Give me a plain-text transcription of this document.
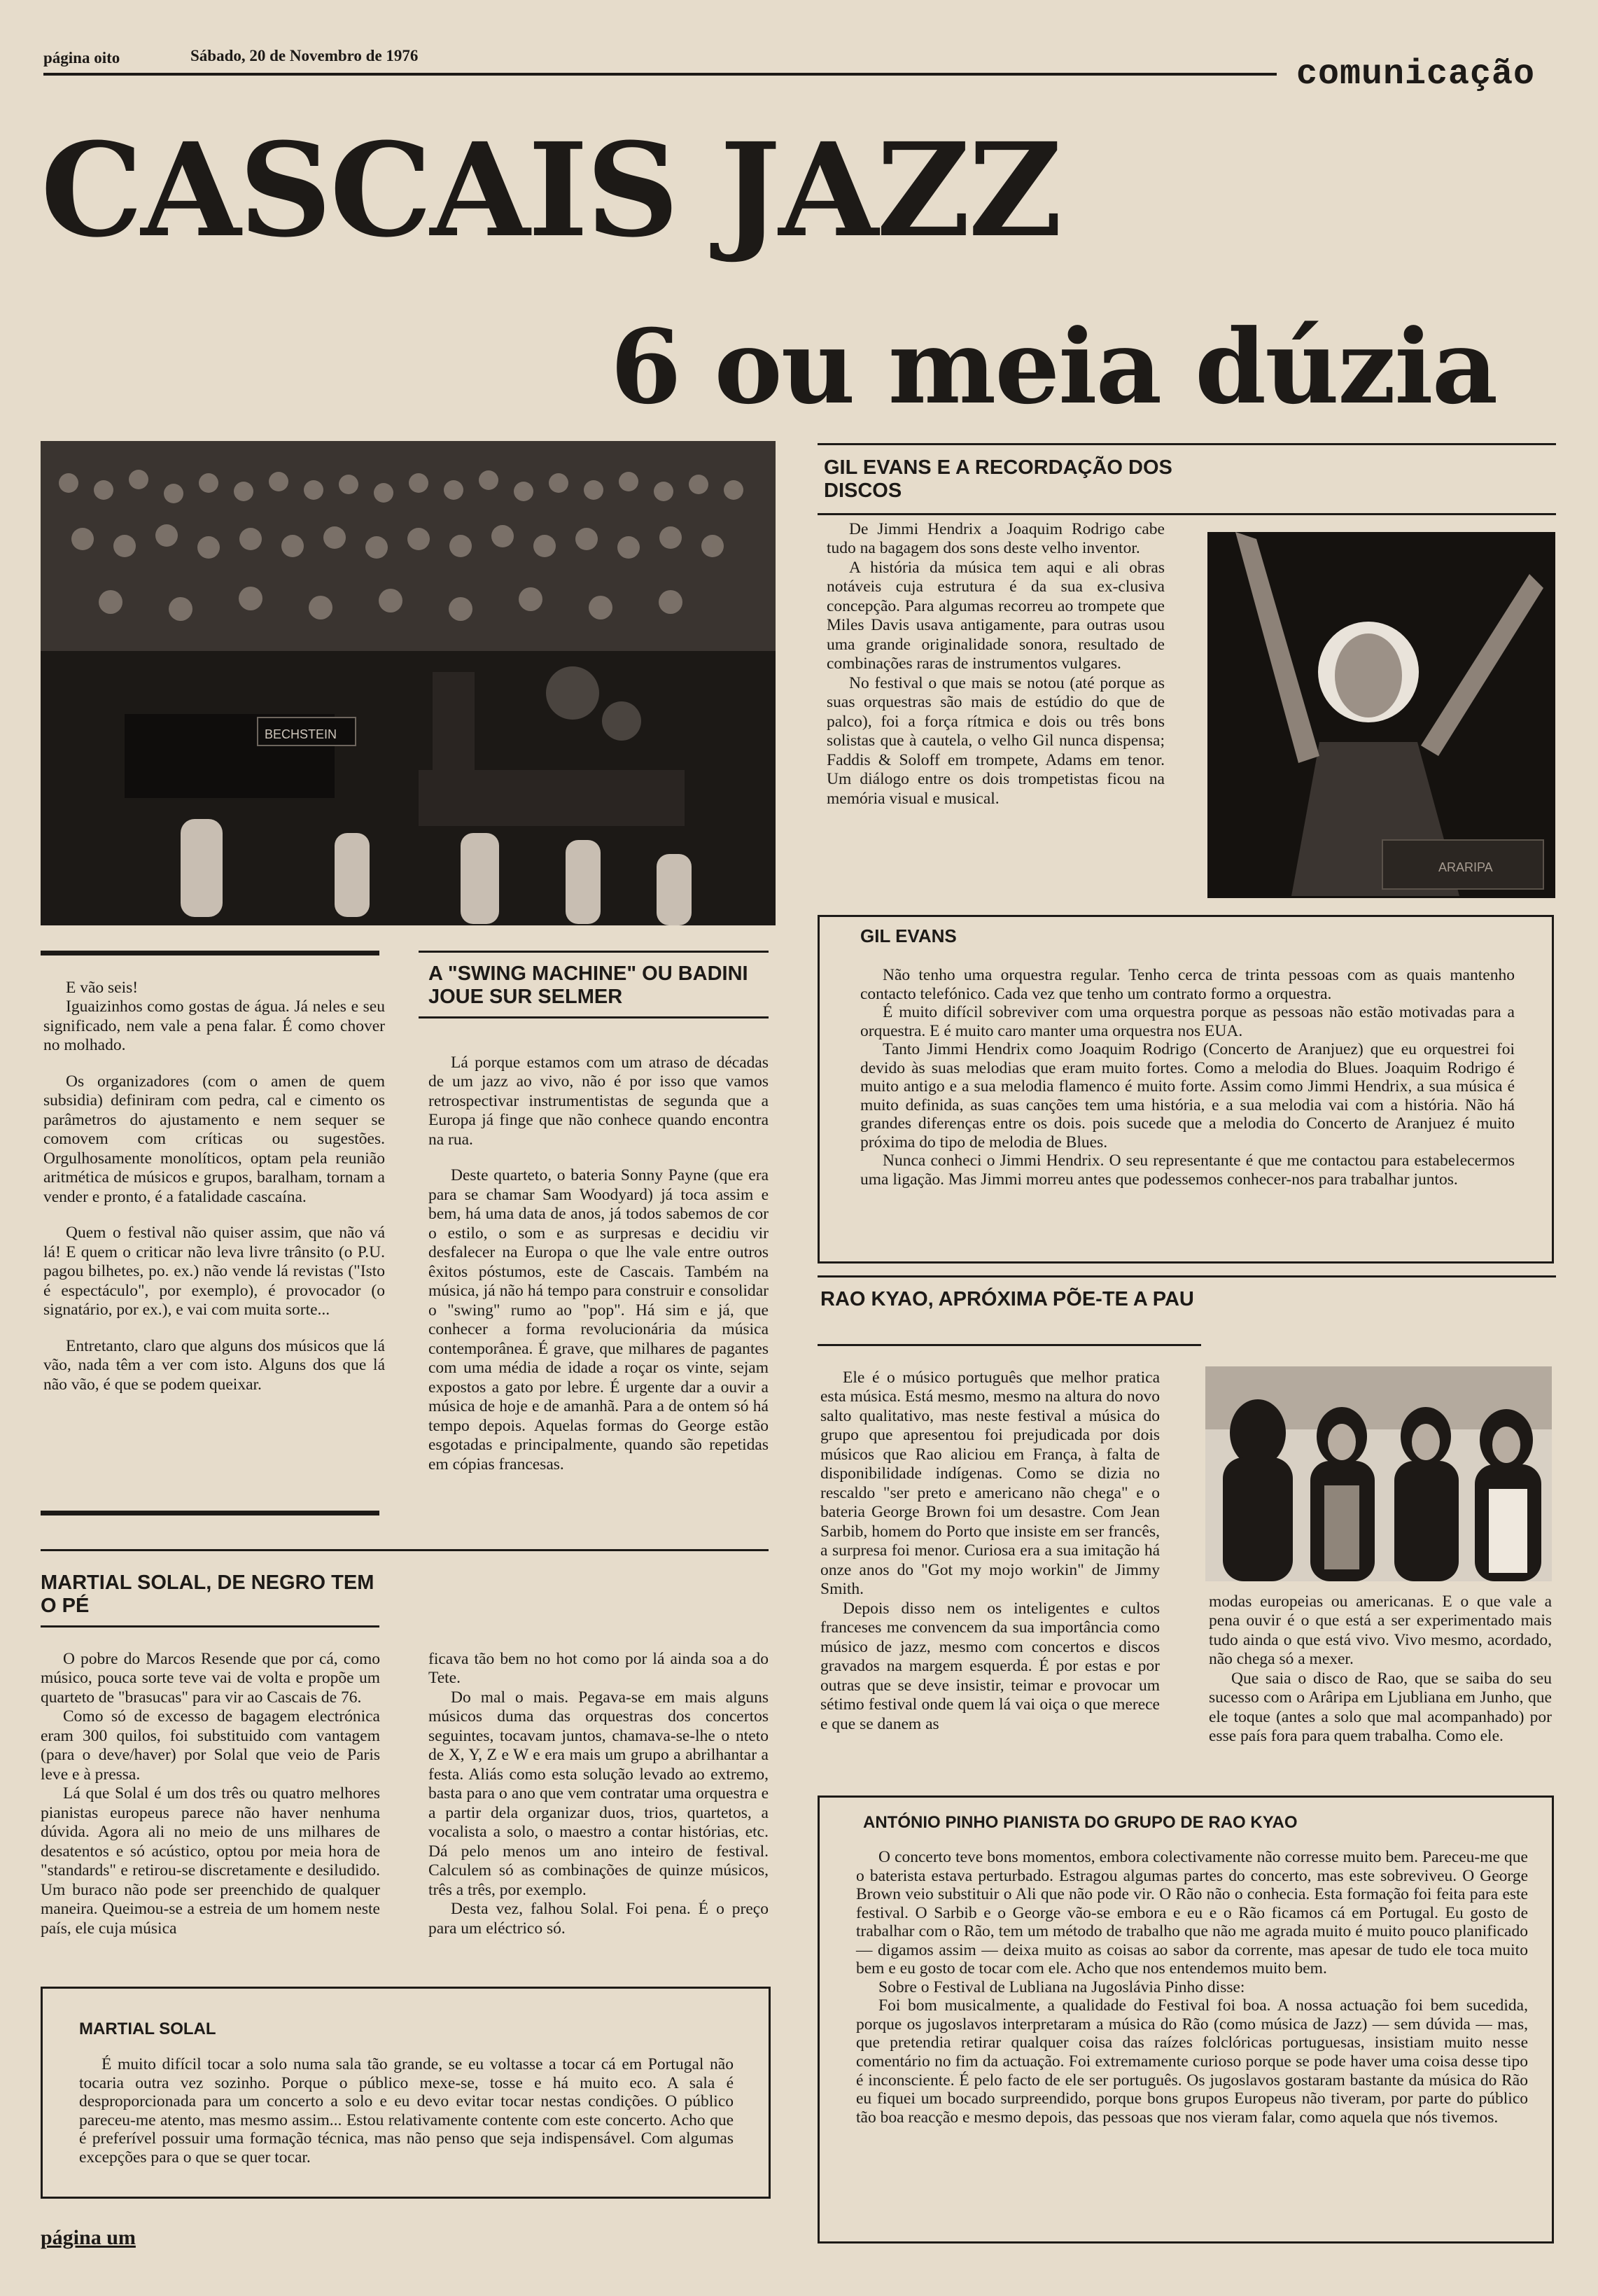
página oito	Sábado, 20 de Novembro de 1976	comunicação
CASCAIS JAZZ
6 ou meia dúzia
BECHSTEIN
GIL EVANS E A RECORDAÇÃO DOS DISCOS

De Jimmi Hendrix a Joaquim Rodrigo cabe tudo na bagagem dos sons deste velho inventor.

A história da música tem aqui e ali obras notáveis cuja estrutura é da sua ex-clusiva concepção. Para algumas recorreu ao trompete que Miles Davis usava antigamente, para outras usou uma grande originalidade sonora, resultado de combinações raras de instrumentos vulgares.

No festival o que mais se notou (até porque as suas orquestras são mais de estúdio do que de palco), foi a força rítmica e dois ou três bons solistas que à cautela, o velho Gil nunca dispensa; Faddis & Soloff em trompete, Adams em tenor. Um diálogo entre os dois trompetistas ficou na memória visual e musical.

ARARIPA
GIL EVANS

Não tenho uma orquestra regular. Tenho cerca de trinta pessoas com as quais mantenho contacto telefónico. Cada vez que tenho um contrato formo a orquestra.

É muito difícil sobreviver com uma orquestra porque as pessoas não estão motivadas para a orquestra. E é muito caro manter uma orquestra nos EUA.

Tanto Jimmi Hendrix como Joaquim Rodrigo (Concerto de Aranjuez) que eu orquestrei foi devido às suas melodias que eram muito fortes. Como a melodia do Blues. Joaquim Rodrigo é muito antigo e a sua melodia flamenco é muito forte. Assim como Jimmi Hendrix, a sua música é muito definida, as suas canções tem uma história, e a sua melodia vai com a história. Não há grandes diferenças entre os dois. pois sucede que a melodia do Concerto de Aranjuez é muito próxima do tipo de melodia de Blues.

Nunca conheci o Jimmi Hendrix. O seu representante é que me contactou para estabelecermos uma ligação. Mas Jimmi morreu antes que podessemos conhecer-nos para trabalhar juntos.

E vão seis!

Iguaizinhos como gostas de água. Já neles e seu significado, nem vale a pena falar. É como chover no molhado.

Os organizadores (com o amen de quem subsidia) definiram com pedra, cal e cimento os parâmetros do ajustamento e nem sequer se comovem com críticas ou sugestões. Orgulhosamente monolíticos, optam pela reunião aritmética de músicos e grupos, baralham, tornam a vender e pronto, é a fatalidade cascaína.

Quem o festival não quiser assim, que não vá lá! E quem o criticar não leva livre trânsito (o P.U. pagou bilhetes, po. ex.) não vende lá revistas ("Isto é espectáculo", por exemplo), é provocador (o signatário, por ex.), e vai com muita sorte...

Entretanto, claro que alguns dos músicos que lá vão, nada têm a ver com isto. Alguns dos que lá não vão, é que se podem queixar.

A "SWING MACHINE" OU BADINI JOUE SUR SELMER

Lá porque estamos com um atraso de décadas de um jazz ao vivo, não é por isso que vamos retrospectivar instrumentistas de segunda que a Europa já finge que não conhece quando encontra na rua.

Deste quarteto, o bateria Sonny Payne (que era para se chamar Sam Woodyard) já toca assim e bem, há uma data de anos, já todos sabemos de cor o estilo, o som e as surpresas e decidiu vir desfalecer na Europa o que lhe vale entre outros êxitos póstumos, este de Cascais. Também na música, já não há tempo para construir e consolidar o "swing" rumo ao "pop". Há sim e já, que conhecer a forma revolucionária da música contemporânea. É grave, que milhares de pagantes com uma média de idade a roçar os vinte, sejam expostos a gato por lebre. É urgente dar a ouvir a música de hoje e de amanhã. Para a de ontem só há tempo depois. Aquelas formas do George estão esgotadas e principalmente, quando são repetidas em cópias francesas.

RAO KYAO, APRÓXIMA PÕE-TE A PAU

Ele é o músico português que melhor pratica esta música. Está mesmo, mesmo na altura do novo salto qualitativo, mas neste festival a música do grupo que apresentou foi prejudicada por dois músicos que Rao aliciou em França, à falta de disponibilidade indígenas. Como se dizia no rescaldo "ser preto e americano não chega" e o bateria George Brown foi um desastre. Com Jean Sarbib, homem do Porto que insiste em ser francês, a surpresa foi menor. Curiosa era a sua imitação há onze anos do "Got my mojo workin" de Jimmy Smith.

Depois disso nem os inteligentes e cultos franceses me convencem da sua importância como músico de jazz, mesmo com concertos e discos gravados na margem esquerda. É por estas e por outras que se deve insistir, teimar e provocar um sétimo festival onde quem lá vai oiça o que merece e que se danem as

modas europeias ou americanas. E o que vale a pena ouvir é o que está a ser experimentado mais tudo ainda o que está vivo. Vivo mesmo, acordado, não chega só a mexer.

Que saia o disco de Rao, que se saiba do seu sucesso com o Arâripa em Ljubliana em Junho, que ele toque (antes a solo que mal acompanhado) por esse país fora para quem trabalha. Como ele.

ANTÓNIO PINHO PIANISTA DO GRUPO DE RAO KYAO

O concerto teve bons momentos, embora colectivamente não corresse muito bem. Pareceu-me que o baterista estava perturbado. Estragou algumas partes do concerto, mas este sobreviveu. O George Brown veio substituir o Ali que não pode vir. O Rão não o conhecia. Esta formação foi feita para este festival. O Sarbib e o George vão-se embora e eu e o Rão ficamos cá em Portugal. Eu gosto de trabalhar com o Rão, tem um método de trabalho que não me agrada muito é muito pouco planificado — digamos assim — deixa muito as coisas ao sabor da corrente, mas apesar de tudo ele toca muito bem e eu gosto de tocar com ele. Acho que nos entendemos muito bem.

Sobre o Festival de Lubliana na Jugoslávia Pinho disse:

Foi bom musicalmente, a qualidade do Festival foi boa. A nossa actuação foi bem sucedida, porque os jugoslavos interpretaram a música do Rão (como música de Jazz) — sem dúvida — mas, que pretendia retirar qualquer coisa das raízes folclóricas portuguesas, insistiam muito nesse comentário no fim da actuação. Foi extremamente curioso porque se pode haver uma coisa desse tipo é inconsciente. É pelo facto de ele ser português. Os jugoslavos gostaram bastante da música do Rão eu fiquei um bocado surpreendido, porque bons grupos Europeus não tiveram, por parte do público tão boa reacção e mesmo depois, das pessoas que nos vieram falar, como aquela que nós tivemos.

MARTIAL SOLAL, DE NEGRO TEM O PÉ

O pobre do Marcos Resende que por cá, como músico, pouca sorte teve vai de volta e propõe um quarteto de "brasucas" para vir ao Cascais de 76.

Como só de excesso de bagagem electrónica eram 300 quilos, foi substituido com vantagem (para o deve/haver) por Solal que veio de Paris leve e à pressa.

Lá que Solal é um dos três ou quatro melhores pianistas europeus parece não haver nenhuma dúvida. Agora ali no meio de uns milhares de desatentos e só acústico, optou por meia hora de "standards" e retirou-se discretamente e desiludido. Um buraco não pode ser preenchido de qualquer maneira. Queimou-se a estreia de um homem neste país, ele cuja música

ficava tão bem no hot como por lá ainda soa a do Tete.

Do mal o mais. Pegava-se em mais alguns músicos duma das orquestras dos concertos seguintes, tocavam juntos, chamava-se-lhe o nteto de X, Y, Z e W e era mais um grupo a abrilhantar a festa. Aliás como esta solução levado ao extremo, basta para o ano que vem contratar uma orquestra e a partir dela organizar duos, trios, quartetos, a vocalista a solo, o maestro a contar histórias, etc. Dá pelo menos um ano inteiro de festival. Calculem só as combinações de quinze músicos, três a três, por exemplo.

Desta vez, falhou Solal. Foi pena. É o preço para um eléctrico só.

MARTIAL SOLAL

É muito difícil tocar a solo numa sala tão grande, se eu voltasse a tocar cá em Portugal não tocaria outra vez sozinho. Porque o público mexe-se, tosse e há muito eco. A sala é desproporcionada para um concerto a solo e eu devo evitar tocar nestas condições. O público pareceu-me atento, mas mesmo assim... Estou relativamente contente com este concerto. Acho que é preferível possuir uma formação técnica, mas não penso que seja indispensável. Com algumas excepções para o que se quer tocar.

página um
